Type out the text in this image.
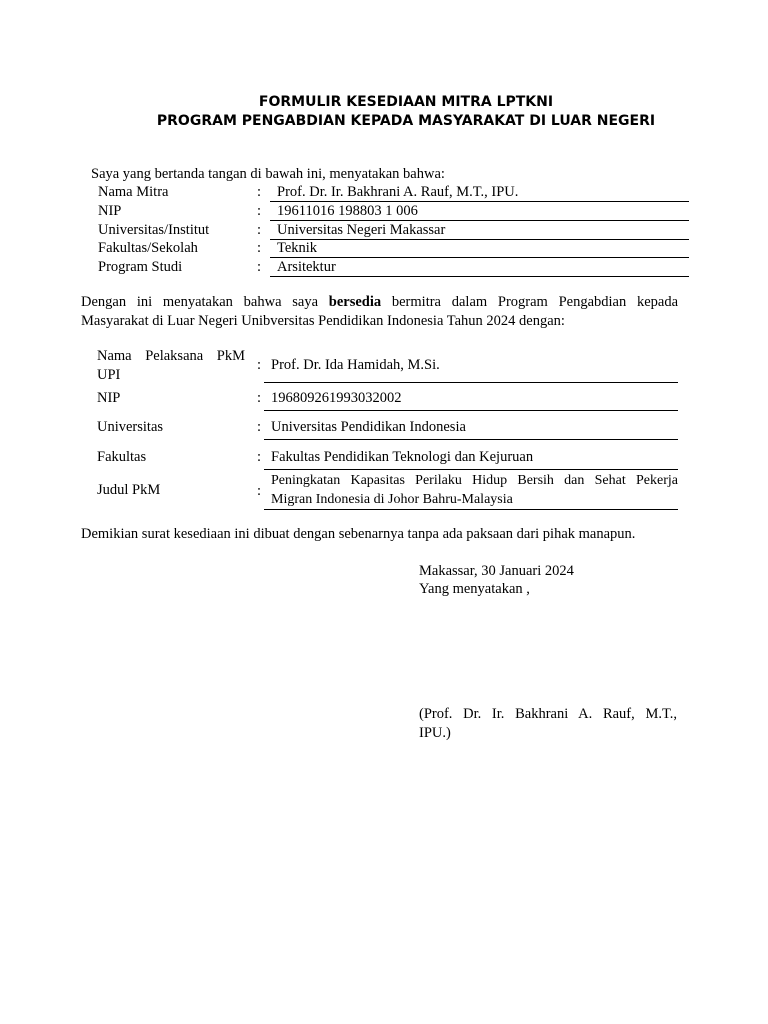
FORMULIR KESEDIAAN MITRA LPTKNI
PROGRAM PENGABDIAN KEPADA MASYARAKAT DI LUAR NEGERI
Saya yang bertanda tangan di bawah ini, menyatakan bahwa:
Nama Mitra	:	Prof. Dr. Ir. Bakhrani A. Rauf, M.T., IPU.
NIP	:	19611016 198803 1 006
Universitas/Institut	:	Universitas Negeri Makassar
Fakultas/Sekolah	:	Teknik
Program Studi	:	Arsitektur
Dengan ini menyatakan bahwa saya bersedia bermitra dalam Program Pengabdian kepada
Masyarakat di Luar Negeri Unibversitas Pendidikan Indonesia Tahun 2024 dengan:
Nama Pelaksana PkM
UPI
: Prof. Dr. Ida Hamidah, M.Si.
NIP	: 196809261993032002
Universitas	: Universitas Pendidikan Indonesia
Fakultas	: Fakultas Pendidikan Teknologi dan Kejuruan
Judul PkM	:
Peningkatan Kapasitas Perilaku Hidup Bersih dan Sehat Pekerja
Migran Indonesia di Johor Bahru-Malaysia
Demikian surat kesediaan ini dibuat dengan sebenarnya tanpa ada paksaan dari pihak manapun.
Makassar, 30 Januari 2024
Yang menyatakan ,
(Prof. Dr. Ir. Bakhrani A. Rauf, M.T.,
IPU.)
